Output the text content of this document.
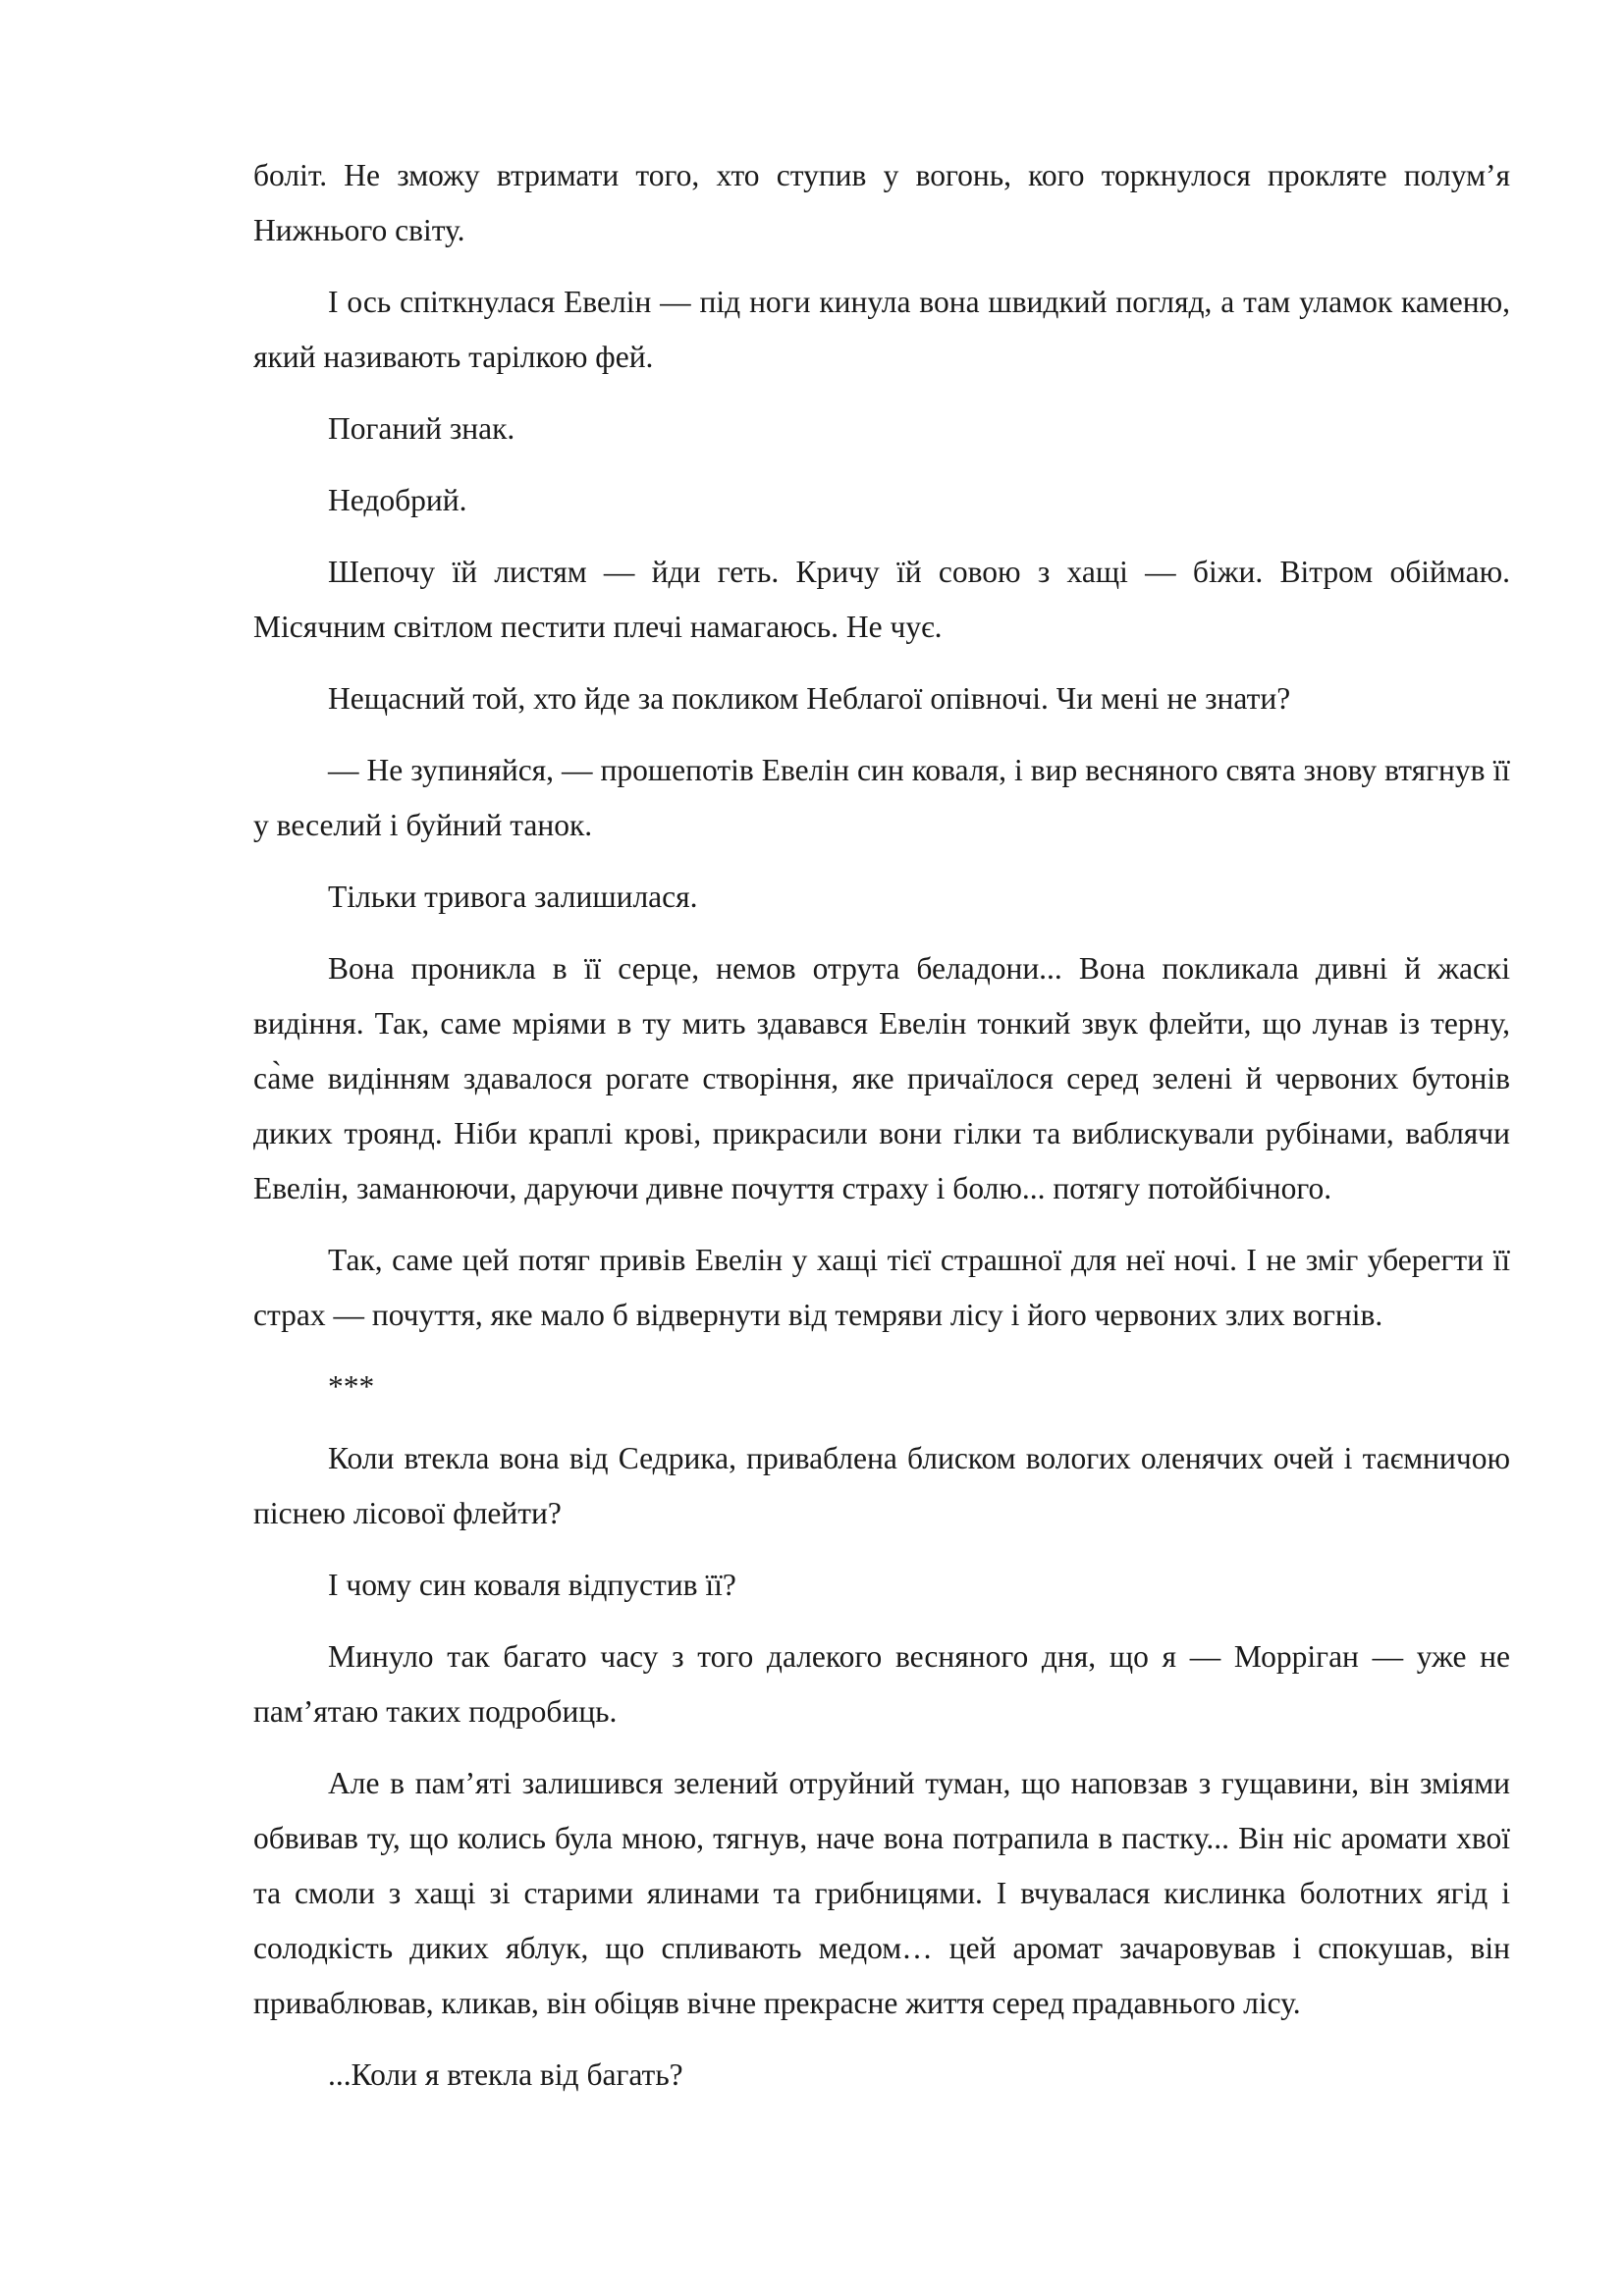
боліт. Не зможу втримати того, хто ступив у вогонь, кого торкнулося прокляте полум’я Нижнього світу.

І ось спіткнулася Евелін — під ноги кинула вона швидкий погляд, а там уламок каменю, який називають тарілкою фей.

Поганий знак.

Недобрий.

Шепочу їй листям — йди геть. Кричу їй совою з хащі — біжи. Вітром обіймаю. Місячним світлом пестити плечі намагаюсь. Не чує.

Нещасний той, хто йде за покликом Неблагої опівночі. Чи мені не знати?

— Не зупиняйся, — прошепотів Евелін син коваля, і вир весняного свята знову втягнув її у веселий і буйний танок.

Тільки тривога залишилася.

Вона проникла в її серце, немов отрута беладони... Вона покликала дивні й жаскі видіння. Так, саме мріями в ту мить здавався Евелін тонкий звук флейти, що лунав із терну, са̀ме видінням здавалося рогате створіння, яке причаїлося серед зелені й червоних бутонів диких троянд. Ніби краплі крові, прикрасили вони гілки та виблискували рубінами, ваблячи Евелін, заманюючи, даруючи дивне почуття страху і болю... потягу потойбічного.

Так, саме цей потяг привів Евелін у хащі тієї страшної для неї ночі. І не зміг уберегти її страх — почуття, яке мало б відвернути від темряви лісу і його червоних злих вогнів.

***

Коли втекла вона від Седрика, приваблена блиском вологих оленячих очей і таємничою піснею лісової флейти?

І чому син коваля відпустив її?

Минуло так багато часу з того далекого весняного дня, що я — Морріган — уже не пам’ятаю таких подробиць.

Але в пам’яті залишився зелений отруйний туман, що наповзав з гущавини, він зміями обвивав ту, що колись була мною, тягнув, наче вона потрапила в пастку... Він ніс аромати хвої та смоли з хащі зі старими ялинами та грибницями. І вчувалася кислинка болотних ягід і солодкість диких яблук, що спливають медом… цей аромат зачаровував і спокушав, він приваблював, кликав, він обіцяв вічне прекрасне життя серед прадавнього лісу.

...Коли я втекла від багать?
